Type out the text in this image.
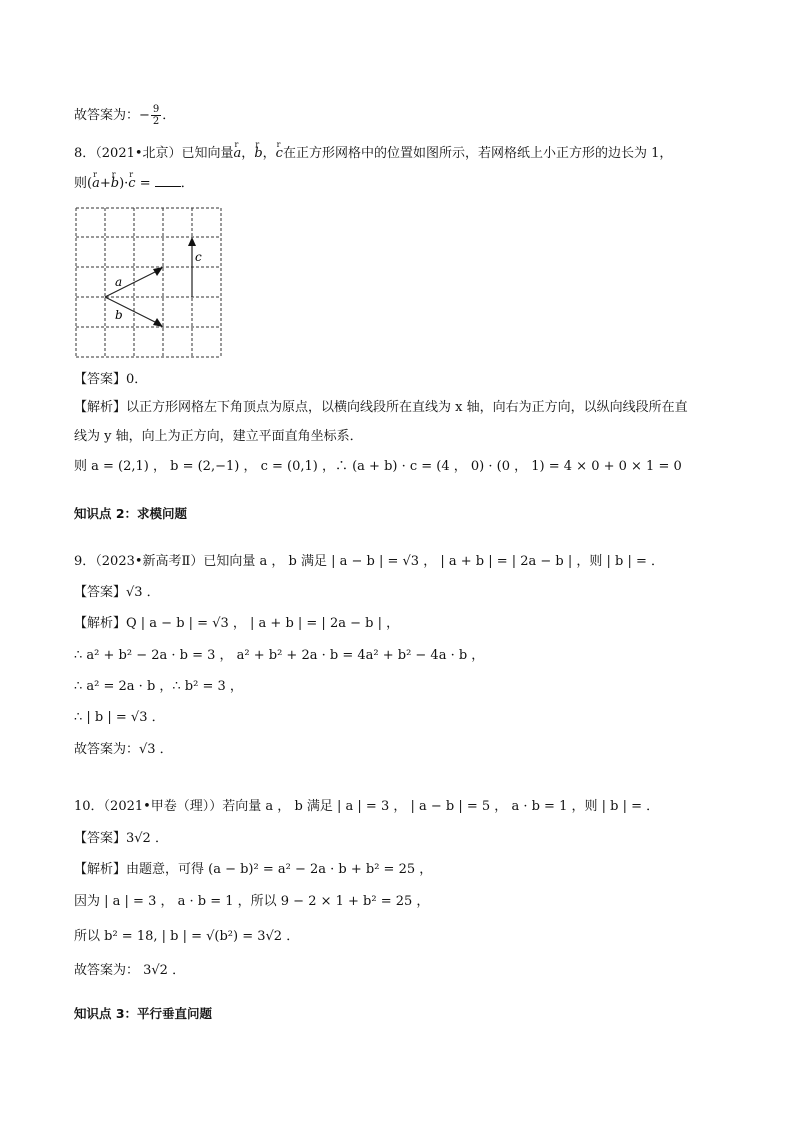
故答案为：− $\frac{9}{2}$ ．
8．（2021•北京）已知向量r a，r b，r c在正方形网格中的位置如图所示，若网格纸上小正方形的边长为 1，
则(r a+r b)·r c = ．
a
b
c
【答案】0．
【解析】以正方形网格左下角顶点为原点，以横向线段所在直线为 x 轴，向右为正方向，以纵向线段所在直
线为 y 轴，向上为正方向，建立平面直角坐标系．
则 a = (2,1) ， b = (2,−1) ， c = (0,1) ，∴ (a + b) · c = (4 ， 0) · (0 ， 1) = 4 × 0 + 0 × 1 = 0
知识点 2：求模问题
9．（2023•新高考Ⅱ）已知向量 a ， b 满足 | a − b | = √3 ， | a + b | = | 2a − b | ，则 | b | = ．
【答案】√3 ．
【解析】Q | a − b | = √3 ， | a + b | = | 2a − b | ，
∴ a² + b² − 2a · b = 3 ， a² + b² + 2a · b = 4a² + b² − 4a · b ，
∴ a² = 2a · b ，∴ b² = 3 ，
∴ | b | = √3 ．
故答案为：√3 ．
10．（2021•甲卷（理））若向量 a ， b 满足 | a | = 3 ， | a − b | = 5 ， a · b = 1 ，则 | b | = ．
【答案】3√2 ．
【解析】由题意，可得 (a − b)² = a² − 2a · b + b² = 25 ，
因为 | a | = 3 ， a · b = 1 ，所以 9 − 2 × 1 + b² = 25 ，
所以 b² = 18, | b | = √(b²) = 3√2 ．
故答案为： 3√2 ．
知识点 3：平行垂直问题
